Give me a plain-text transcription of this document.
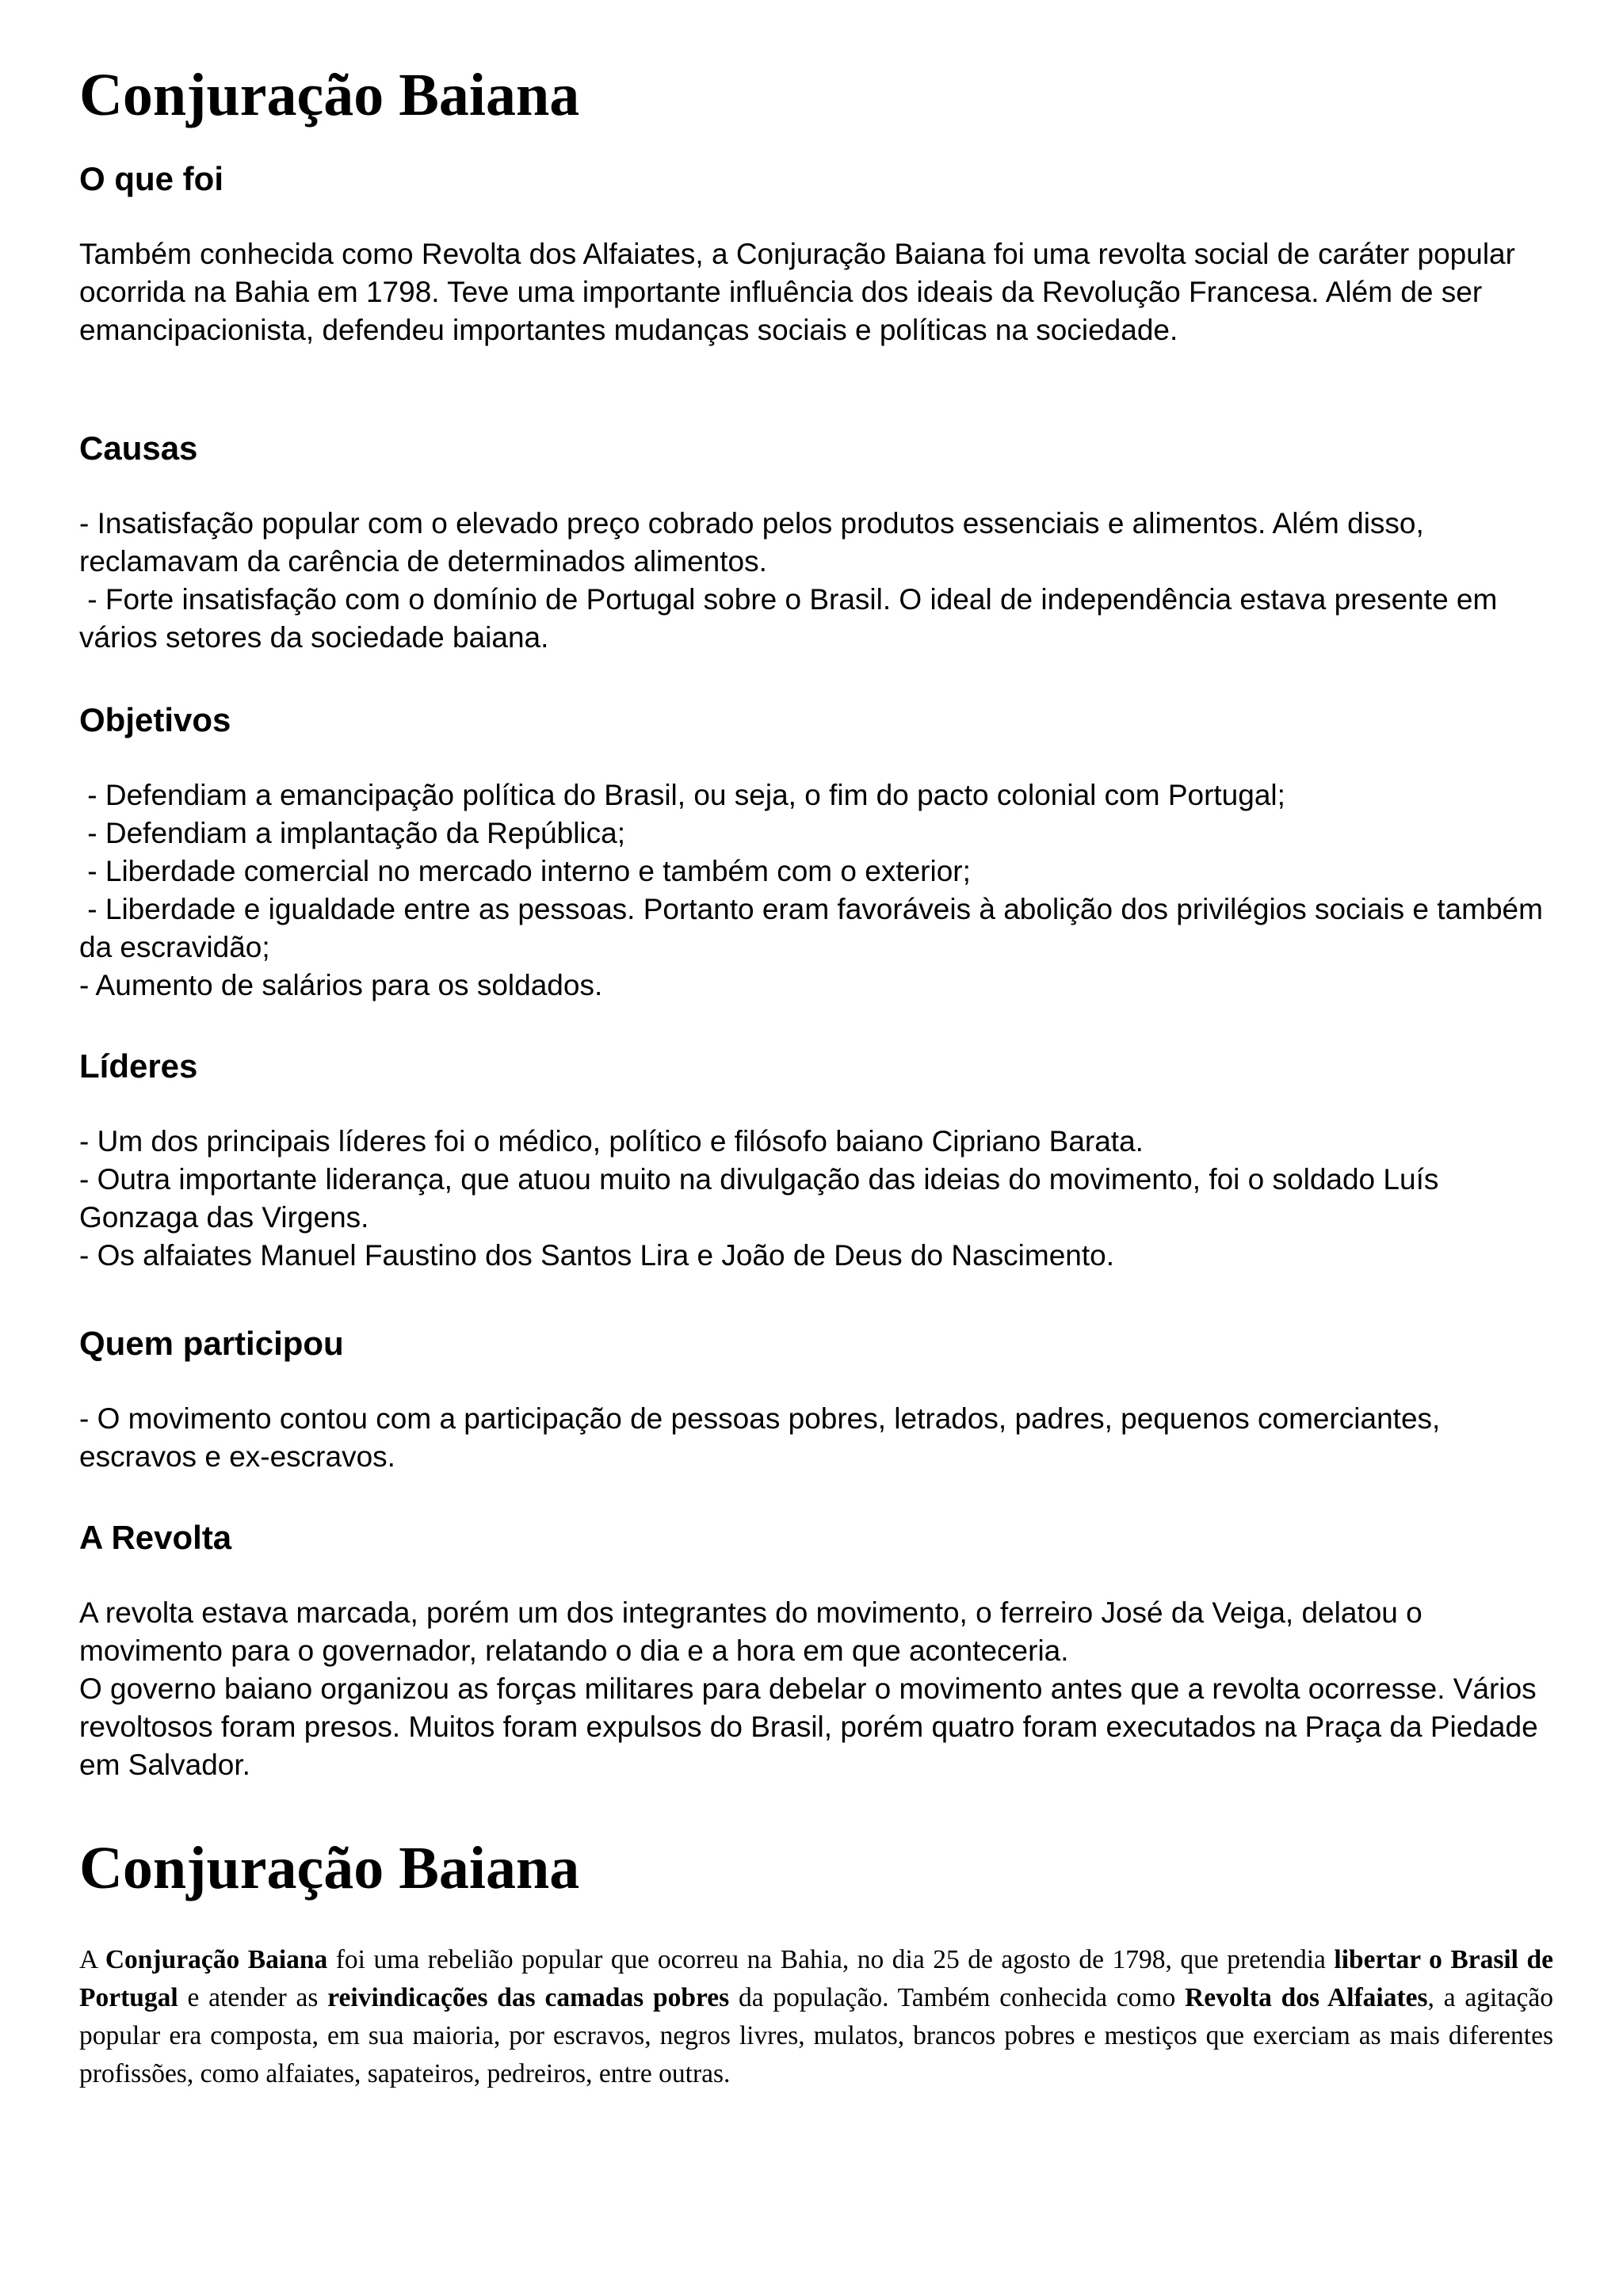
Conjuração Baiana
O que foi

Também conhecida como Revolta dos Alfaiates, a Conjuração Baiana foi uma revolta social de caráter popular ocorrida na Bahia em 1798. Teve uma importante influência dos ideais da Revolução Francesa. Além de ser emancipacionista, defendeu importantes mudanças sociais e políticas na sociedade.

Causas

- Insatisfação popular com o elevado preço cobrado pelos produtos essenciais e alimentos. Além disso, reclamavam da carência de determinados alimentos.

- Forte insatisfação com o domínio de Portugal sobre o Brasil. O ideal de independência estava presente em vários setores da sociedade baiana.

Objetivos

- Defendiam a emancipação política do Brasil, ou seja, o fim do pacto colonial com Portugal;

- Defendiam a implantação da República;

- Liberdade comercial no mercado interno e também com o exterior;

- Liberdade e igualdade entre as pessoas. Portanto eram favoráveis à abolição dos privilégios sociais e também da escravidão;

- Aumento de salários para os soldados.

Líderes

- Um dos principais líderes foi o médico, político e filósofo baiano Cipriano Barata.

- Outra importante liderança, que atuou muito na divulgação das ideias do movimento, foi o soldado Luís Gonzaga das Virgens.

- Os alfaiates Manuel Faustino dos Santos Lira e João de Deus do Nascimento.

Quem participou

- O movimento contou com a participação de pessoas pobres, letrados, padres, pequenos comerciantes, escravos e ex-escravos.

A Revolta

A revolta estava marcada, porém um dos integrantes do movimento, o ferreiro José da Veiga, delatou o movimento para o governador, relatando o dia e a hora em que aconteceria.

O governo baiano organizou as forças militares para debelar o movimento antes que a revolta ocorresse. Vários revoltosos foram presos. Muitos foram expulsos do Brasil, porém quatro foram executados na Praça da Piedade em Salvador.

Conjuração Baiana

A Conjuração Baiana foi uma rebelião popular que ocorreu na Bahia, no dia 25 de agosto de 1798, que pretendia libertar o Brasil de Portugal e atender as reivindicações das camadas pobres da população. Também conhecida como Revolta dos Alfaiates, a agitação popular era composta, em sua maioria, por escravos, negros livres, mulatos, brancos pobres e mestiços que exerciam as mais diferentes profissões, como alfaiates, sapateiros, pedreiros, entre outras.
